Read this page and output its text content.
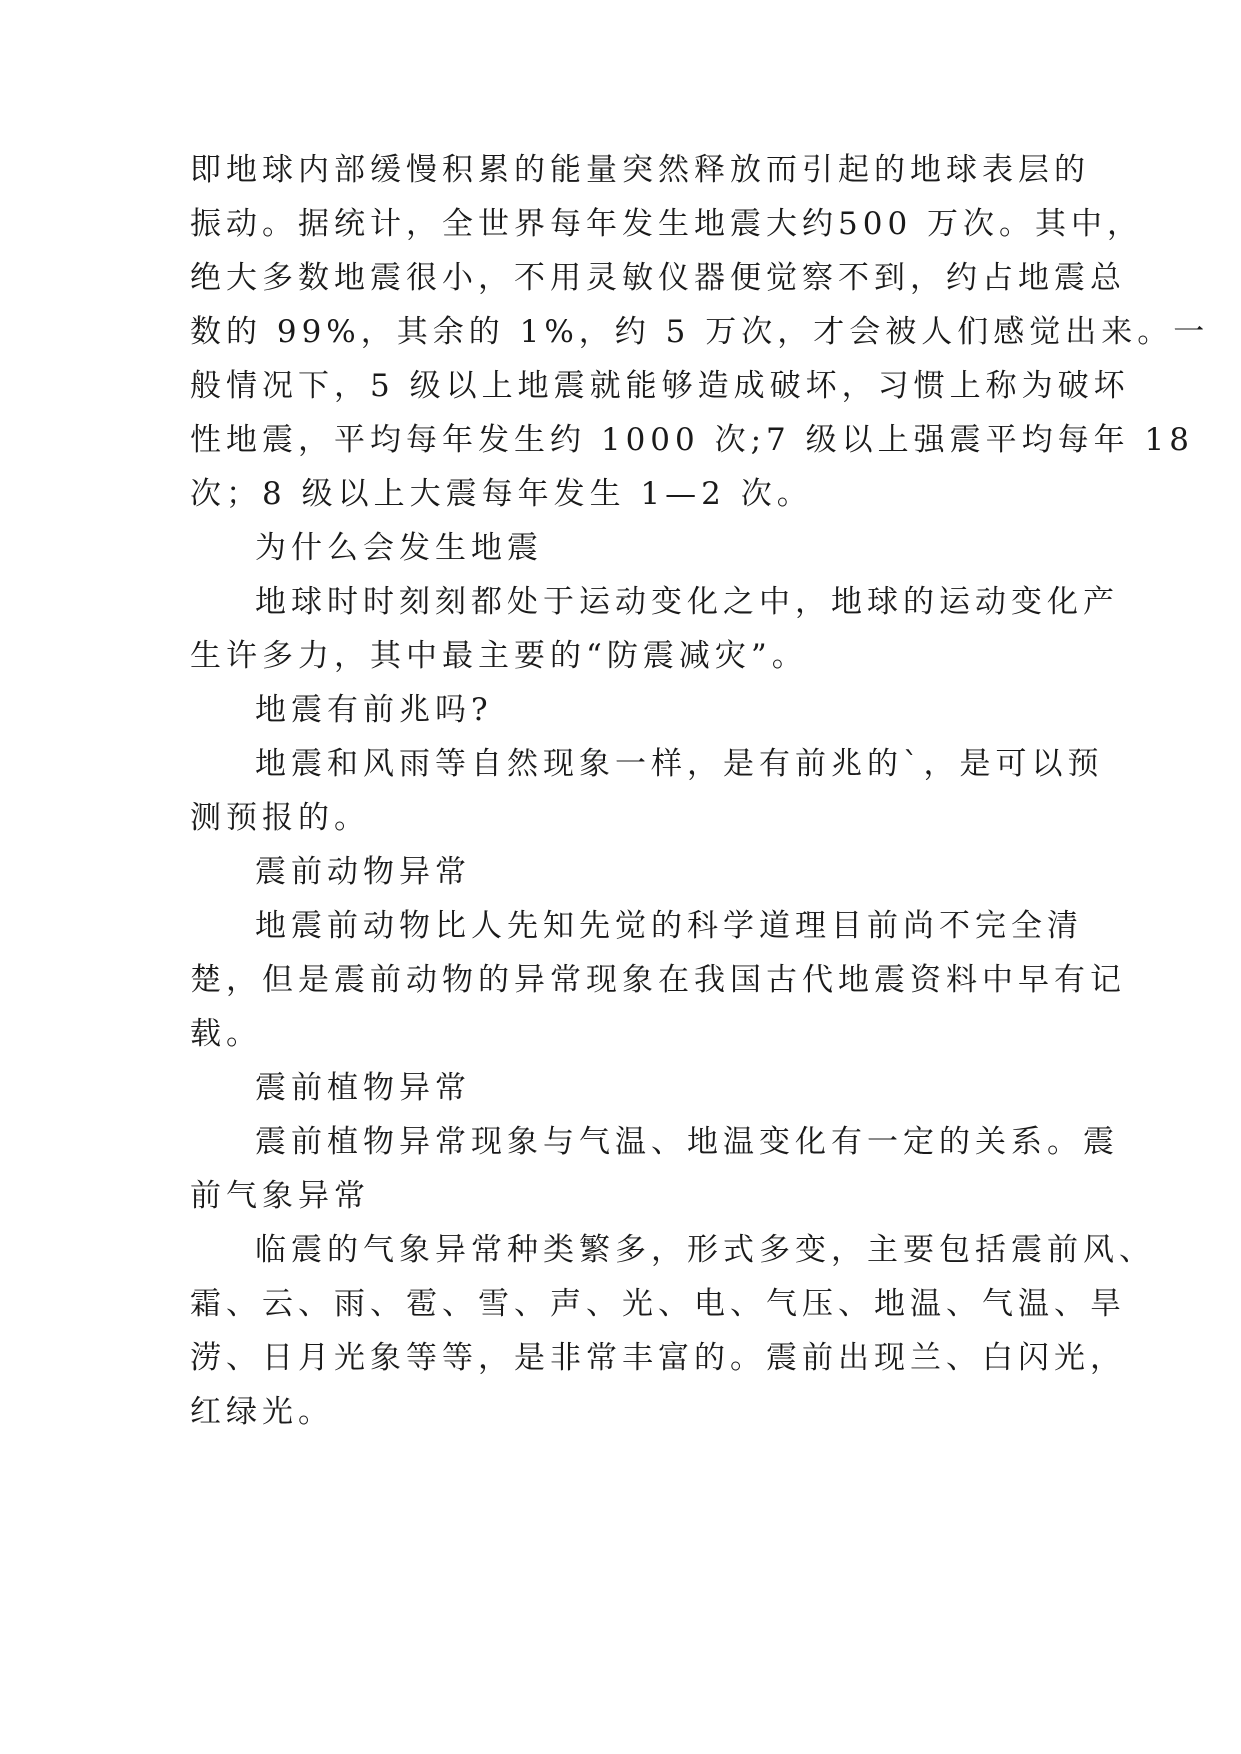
即地球内部缓慢积累的能量突然释放而引起的地球表层的
振动。据统计，全世界每年发生地震大约500 万次。其中，
绝大多数地震很小，不用灵敏仪器便觉察不到，约占地震总
数的 99%，其余的 1%，约 5 万次，才会被人们感觉出来。一
般情况下，5 级以上地震就能够造成破坏，习惯上称为破坏
性地震，平均每年发生约 1000 次;7 级以上强震平均每年 18
次；8 级以上大震每年发生 1—2 次。
为什么会发生地震
地球时时刻刻都处于运动变化之中，地球的运动变化产
生许多力，其中最主要的“防震减灾”。
地震有前兆吗?
地震和风雨等自然现象一样，是有前兆的`，是可以预
测预报的。
震前动物异常
地震前动物比人先知先觉的科学道理目前尚不完全清
楚，但是震前动物的异常现象在我国古代地震资料中早有记
载。
震前植物异常
震前植物异常现象与气温、地温变化有一定的关系。震
前气象异常
临震的气象异常种类繁多，形式多变，主要包括震前风、
霜、云、雨、雹、雪、声、光、电、气压、地温、气温、旱
涝、日月光象等等，是非常丰富的。震前出现兰、白闪光，
红绿光。
